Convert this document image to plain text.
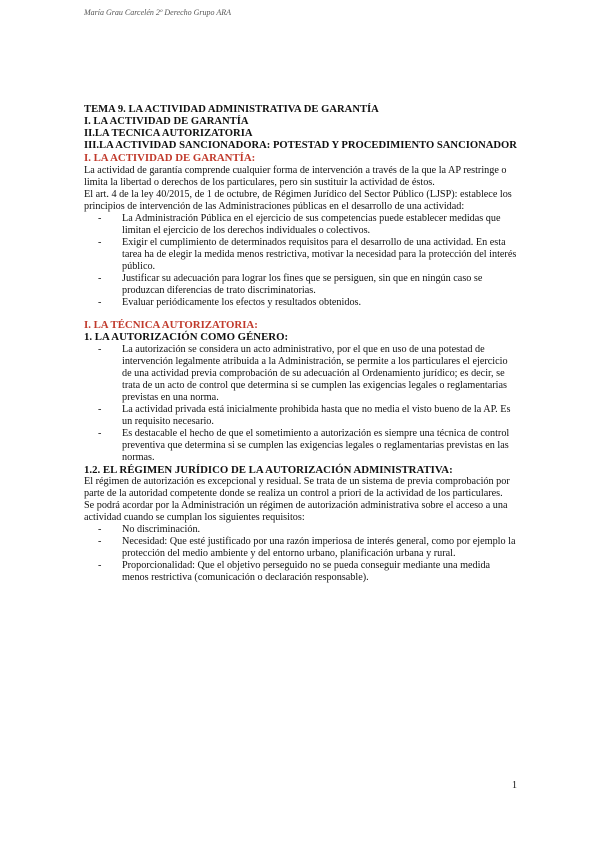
María Grau Carcelén 2º Derecho Grupo ARA
TEMA 9. LA ACTIVIDAD ADMINISTRATIVA DE GARANTÍA
I. LA ACTIVIDAD DE GARANTÍA
II.LA TECNICA AUTORIZATORIA
III.LA ACTIVIDAD SANCIONADORA: POTESTAD Y PROCEDIMIENTO SANCIONADOR
I. LA ACTIVIDAD DE GARANTÍA:

La actividad de garantía comprende cualquier forma de intervención a través de la que la AP restringe o limita la libertad o derechos de los particulares, pero sin sustituir la actividad de éstos.

El art. 4 de la ley 40/2015, de 1 de octubre, de Régimen Jurídico del Sector Público (LJSP): establece los principios de intervención de las Administraciones públicas en el desarrollo de una actividad:

- La Administración Pública en el ejercicio de sus competencias puede establecer medidas que limitan el ejercicio de los derechos individuales o colectivos.
- Exigir el cumplimiento de determinados requisitos para el desarrollo de una actividad. En esta tarea ha de elegir la medida menos restrictiva, motivar la necesidad para la protección del interés público.
- Justificar su adecuación para lograr los fines que se persiguen, sin que en ningún caso se produzcan diferencias de trato discriminatorias.
- Evaluar periódicamente los efectos y resultados obtenidos.
I. LA TÉCNICA AUTORIZATORIA:
1. LA AUTORIZACIÓN COMO GÉNERO:
- La autorización se considera un acto administrativo, por el que en uso de una potestad de intervención legalmente atribuida a la Administración, se permite a los particulares el ejercicio de una actividad previa comprobación de su adecuación al Ordenamiento jurídico; es decir, se trata de un acto de control que determina si se cumplen las exigencias legales o reglamentarias previstas en una norma.
- La actividad privada está inicialmente prohibida hasta que no media el visto bueno de la AP. Es un requisito necesario.
- Es destacable el hecho de que el sometimiento a autorización es siempre una técnica de control preventiva que determina si se cumplen las exigencias legales o reglamentarias previstas en las normas.
1.2. EL RÉGIMEN JURÍDICO DE LA AUTORIZACIÓN ADMINISTRATIVA:

El régimen de autorización es excepcional y residual. Se trata de un sistema de previa comprobación por parte de la autoridad competente donde se realiza un control a priori de la actividad de los particulares.

Se podrá acordar por la Administración un régimen de autorización administrativa sobre el acceso a una actividad cuando se cumplan los siguientes requisitos:

- No discriminación.
- Necesidad: Que esté justificado por una razón imperiosa de interés general, como por ejemplo la protección del medio ambiente y del entorno urbano, planificación urbana y rural.
- Proporcionalidad: Que el objetivo perseguido no se pueda conseguir mediante una medida menos restrictiva (comunicación o declaración responsable).
1
